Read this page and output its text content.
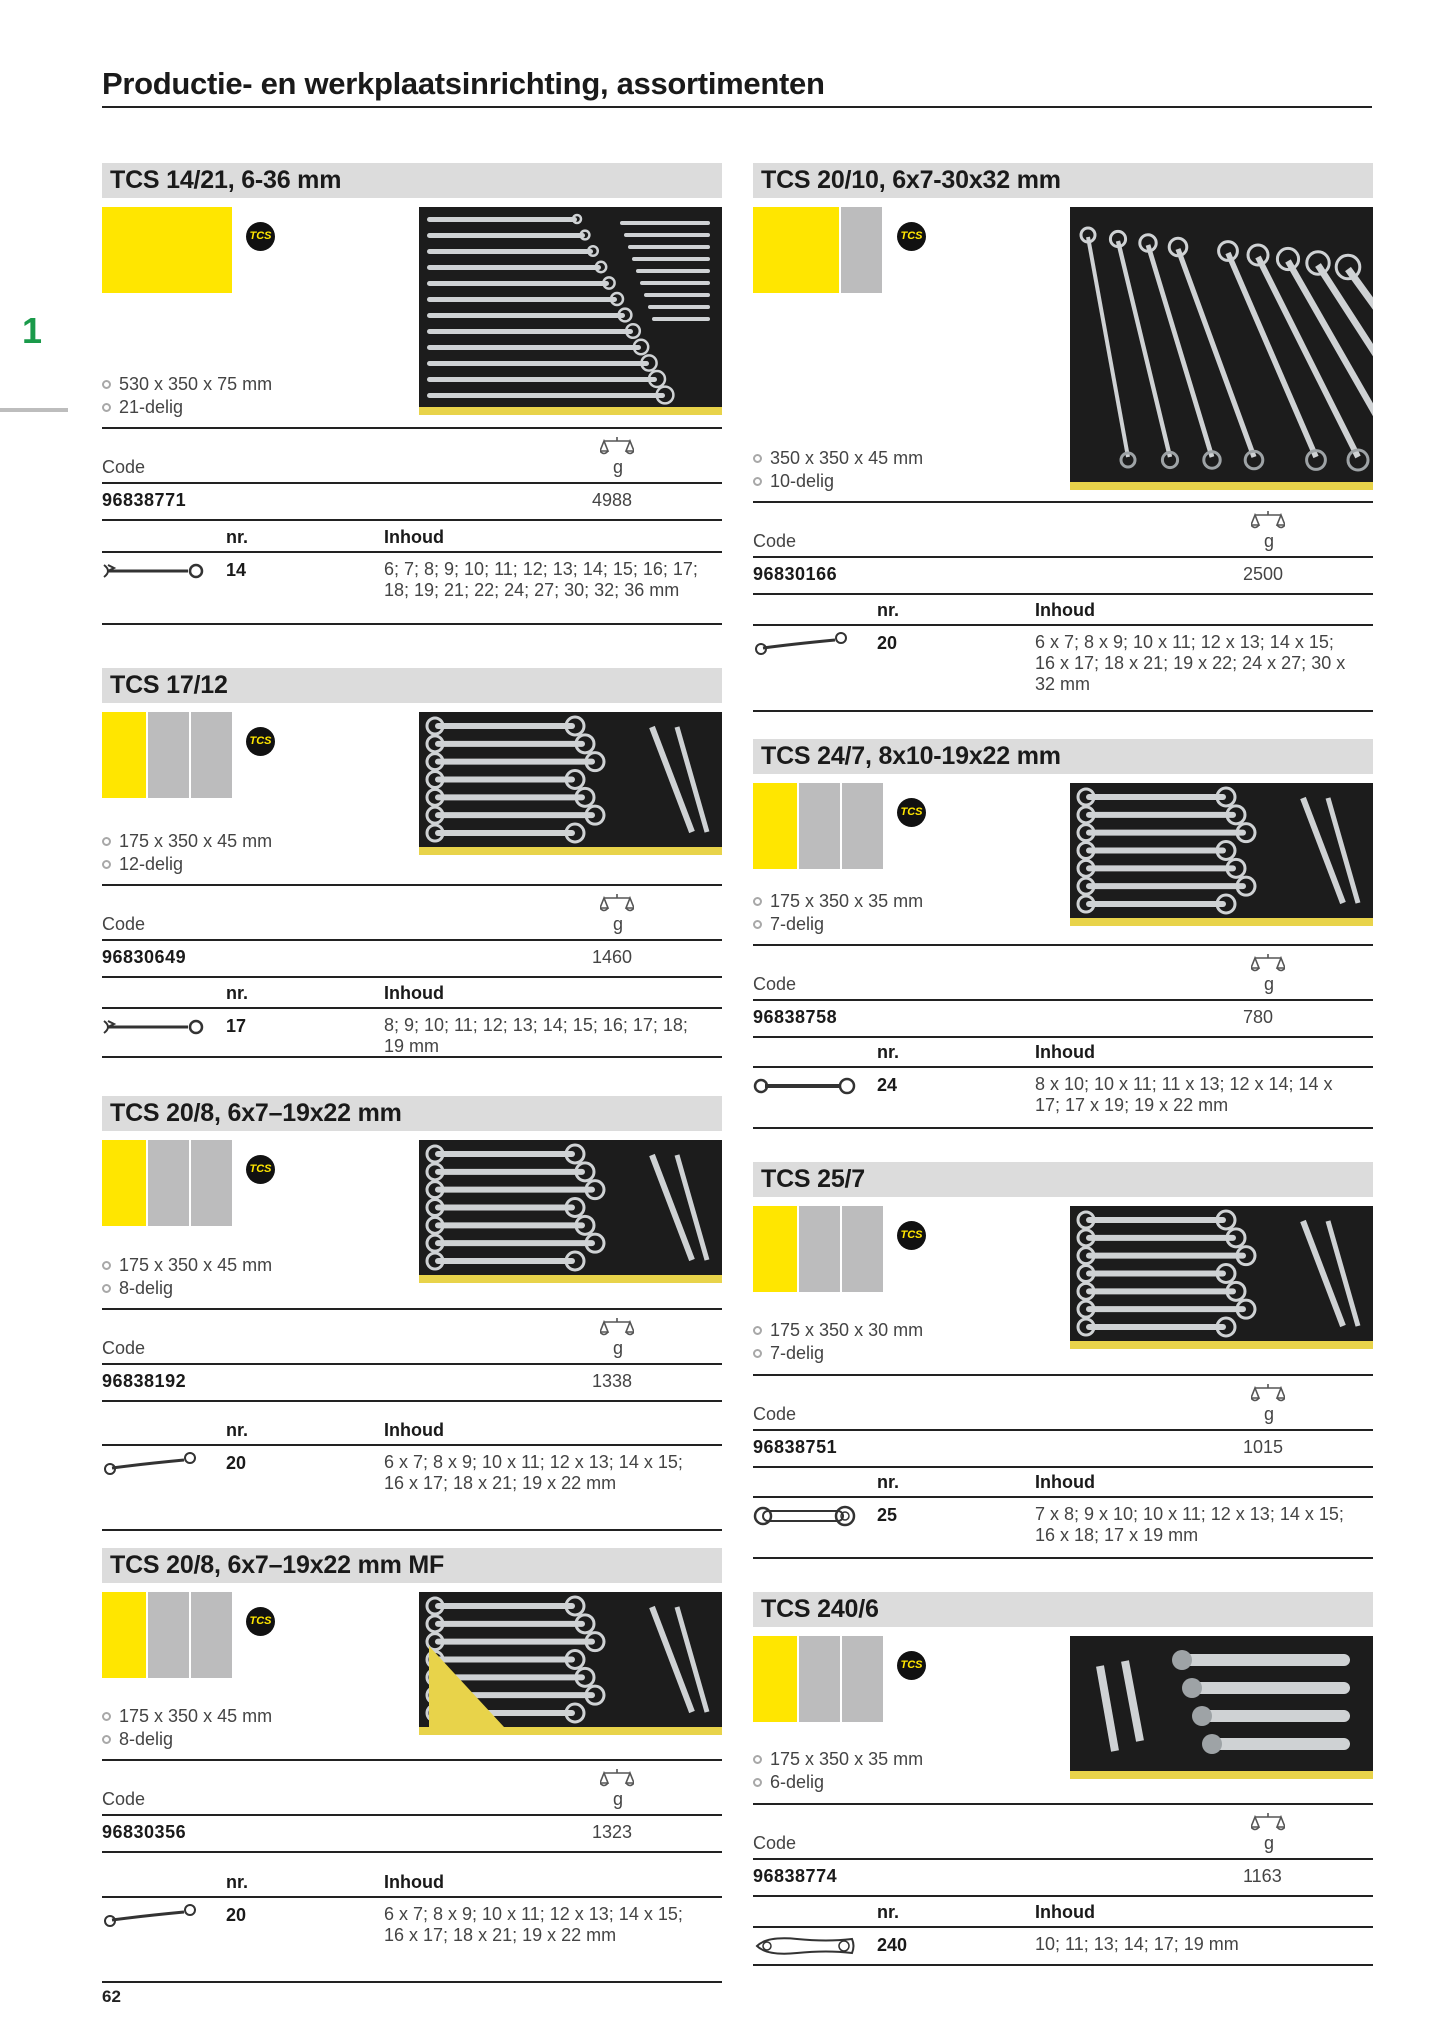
Productie- en werkplaatsinrichting, assortimenten
1
TCS 14/21, 6-36 mm
TCS
530 x 350 x 75 mm
21-delig
Code	g
96838771	4988
nr.	Inhoud
14	6; 7; 8; 9; 10; 11; 12; 13; 14; 15; 16; 17; 18; 19; 21; 22; 24; 27; 30; 32; 36 mm
TCS 17/12
TCS
175 x 350 x 45 mm
12-delig
Code	g
96830649	1460
nr.	Inhoud
17	8; 9; 10; 11; 12; 13; 14; 15; 16; 17; 18; 19 mm
TCS 20/8, 6x7–19x22 mm
TCS
175 x 350 x 45 mm
8-delig
Code	g
96838192	1338
nr.	Inhoud
20	6 x 7; 8 x 9; 10 x 11; 12 x 13; 14 x 15; 16 x 17; 18 x 21; 19 x 22 mm
TCS 20/8, 6x7–19x22 mm MF
TCS
175 x 350 x 45 mm
8-delig
Code	g
96830356	1323
nr.	Inhoud
20	6 x 7; 8 x 9; 10 x 11; 12 x 13; 14 x 15; 16 x 17; 18 x 21; 19 x 22 mm
TCS 20/10, 6x7-30x32 mm
TCS
350 x 350 x 45 mm
10-delig
Code	g
96830166	2500
nr.	Inhoud
20	6 x 7; 8 x 9; 10 x 11; 12 x 13; 14 x 15; 16 x 17; 18 x 21; 19 x 22; 24 x 27; 30 x 32 mm
TCS 24/7, 8x10-19x22 mm
TCS
175 x 350 x 35 mm
7-delig
Code	g
96838758	780
nr.	Inhoud
24	8 x 10; 10 x 11; 11 x 13; 12 x 14; 14 x 17; 17 x 19; 19 x 22 mm
TCS 25/7
TCS
175 x 350 x 30 mm
7-delig
Code	g
96838751	1015
nr.	Inhoud
25	7 x 8; 9 x 10; 10 x 11; 12 x 13; 14 x 15; 16 x 18; 17 x 19 mm
TCS 240/6
TCS
175 x 350 x 35 mm
6-delig
Code	g
96838774	1163
nr.	Inhoud
240	10; 11; 13; 14; 17; 19 mm
62
